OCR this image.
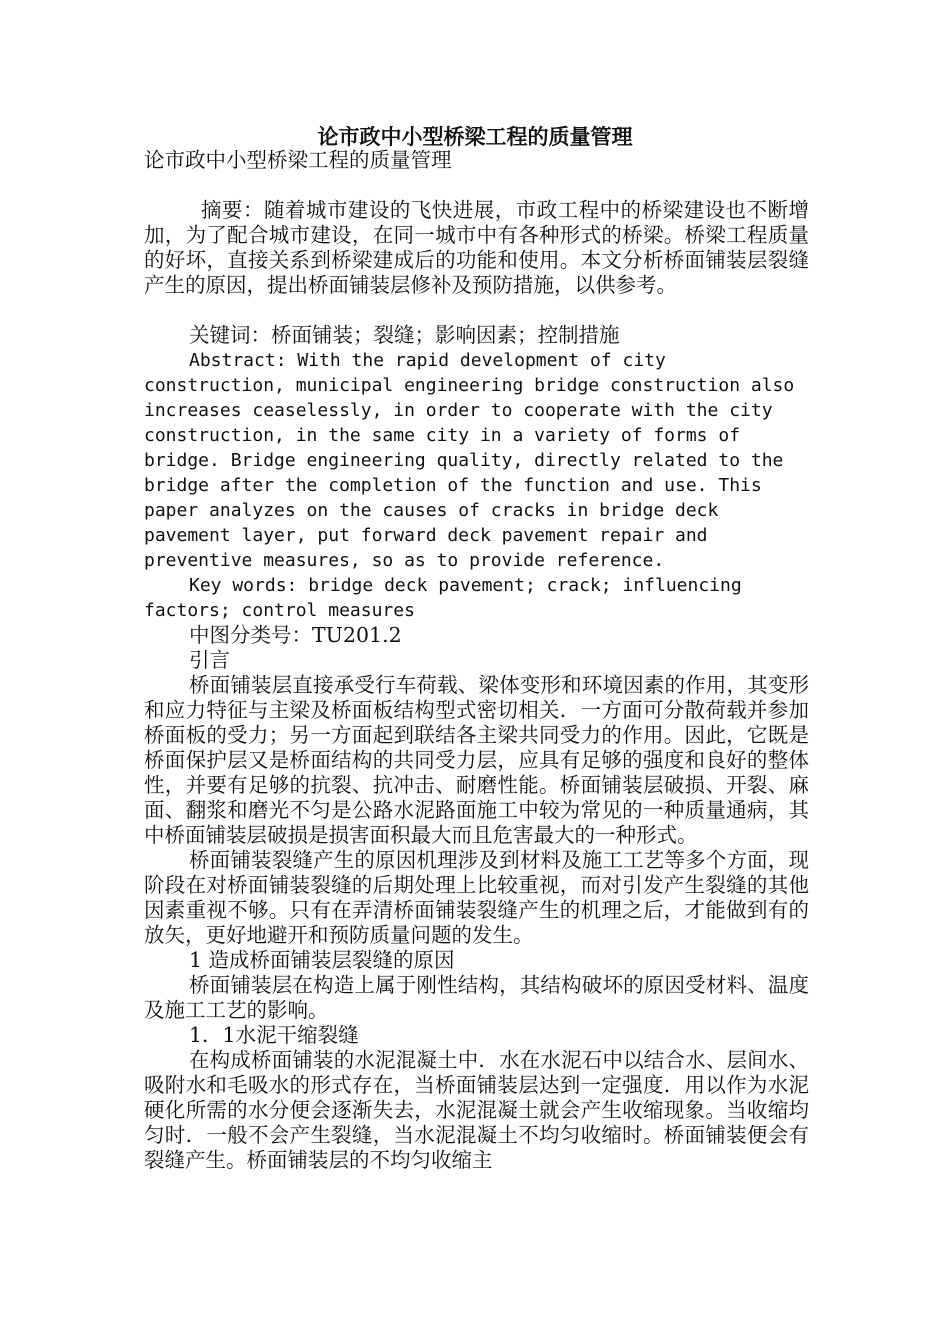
论市政中小型桥梁工程的质量管理

论市政中小型桥梁工程的质量管理

摘要：随着城市建设的飞快进展，市政工程中的桥梁建设也不断增加，为了配合城市建设，在同一城市中有各种形式的桥梁。桥梁工程质量的好坏，直接关系到桥梁建成后的功能和使用。本文分析桥面铺装层裂缝产生的原因，提出桥面铺装层修补及预防措施，以供参考。

关键词：桥面铺装；裂缝；影响因素；控制措施

Abstract: With the rapid development of city construction, municipal engineering bridge construction also increases ceaselessly, in order to cooperate with the city construction, in the same city in a variety of forms of bridge. Bridge engineering quality, directly related to the bridge after the completion of the function and use. This paper analyzes on the causes of cracks in bridge deck pavement layer, put forward deck pavement repair and preventive measures, so as to provide reference.

Key words: bridge deck pavement; crack; influencing factors; control measures

中图分类号：TU201.2

引言

桥面铺装层直接承受行车荷载、梁体变形和环境因素的作用，其变形和应力特征与主梁及桥面板结构型式密切相关．一方面可分散荷载并参加桥面板的受力；另一方面起到联结各主梁共同受力的作用。因此，它既是桥面保护层又是桥面结构的共同受力层，应具有足够的强度和良好的整体性，并要有足够的抗裂、抗冲击、耐磨性能。桥面铺装层破损、开裂、麻面、翻浆和磨光不匀是公路水泥路面施工中较为常见的一种质量通病，其中桥面铺装层破损是损害面积最大而且危害最大的一种形式。

桥面铺装裂缝产生的原因机理涉及到材料及施工工艺等多个方面，现阶段在对桥面铺装裂缝的后期处理上比较重视，而对引发产生裂缝的其他因素重视不够。只有在弄清桥面铺装裂缝产生的机理之后，才能做到有的放矢，更好地避开和预防质量问题的发生。

1 造成桥面铺装层裂缝的原因

桥面铺装层在构造上属于刚性结构，其结构破坏的原因受材料、温度及施工工艺的影响。

1．1水泥干缩裂缝

在构成桥面铺装的水泥混凝土中．水在水泥石中以结合水、层间水、吸附水和毛吸水的形式存在，当桥面铺装层达到一定强度．用以作为水泥硬化所需的水分便会逐渐失去，水泥混凝土就会产生收缩现象。当收缩均匀时．一般不会产生裂缝，当水泥混凝土不均匀收缩时。桥面铺装便会有裂缝产生。桥面铺装层的不均匀收缩主
